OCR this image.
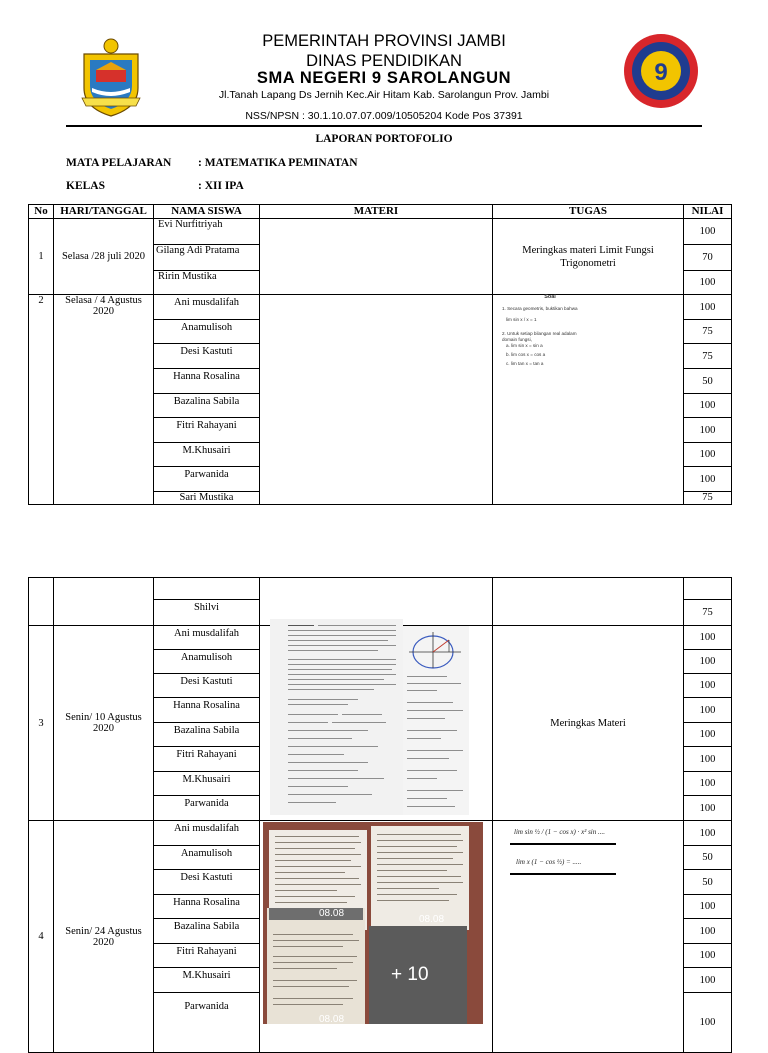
PEMERINTAH PROVINSI JAMBI
DINAS PENDIDIKAN
SMA NEGERI 9 SAROLANGUN
Jl.Tanah Lapang Ds Jernih Kec.Air Hitam Kab. Sarolangun Prov. Jambi
NSS/NPSN : 30.1.10.07.07.009/10505204 Kode Pos 37391
9
LAPORAN PORTOFOLIO
MATA PELAJARAN : MATEMATIKA PEMINATAN
KELAS	: XII IPA
No	HARI/TANGGAL	NAMA SISWA	MATERI	TUGAS	NILAI
1	Selasa /28 juli 2020	Evi Nurfitriyah		Meringkas materi Limit Fungsi Trigonometri	100
		Gilang Adi Pratama			70
		Ririn Mustika			100
2	Selasa / 4 Agustus 2020	Ani musdalifah			100
		Anamulisoh			75
		Desi Kastuti			75
		Hanna Rosalina			50
		Bazalina Sabila			100
		Fitri Rahayani			100
		M.Khusairi			100
		Parwanida			100
		Sari Mustika			75
Soal
1. Secara geometris, buktikan bahwa
lim sin x / x = 1
2. Untuk setiap bilangan real adalam
domain fungsi,
a. lim sin x = sin a
b. lim cos x = cos a
c. lim tan x = tan a

		Shilvi			75
3	Senin/ 10 Agustus 2020	Ani musdalifah		Meringkas Materi	100
		Anamulisoh			100
		Desi Kastuti			100
		Hanna Rosalina			100
		Bazalina Sabila			100
		Fitri Rahayani			100
		M.Khusairi			100
		Parwanida			100
4	Senin/ 24 Agustus 2020	Ani musdalifah			100
		Anamulisoh			50
		Desi Kastuti			50
		Hanna Rosalina			100
		Bazalina Sabila			100
		Fitri Rahayani			100
		M.Khusairi			100
		Parwanida			100
08.08
08.08
+ 10
08.08
lim sin ½ / (1 − cos x) · x² sin ....
lim x (1 − cos ½) = .....
